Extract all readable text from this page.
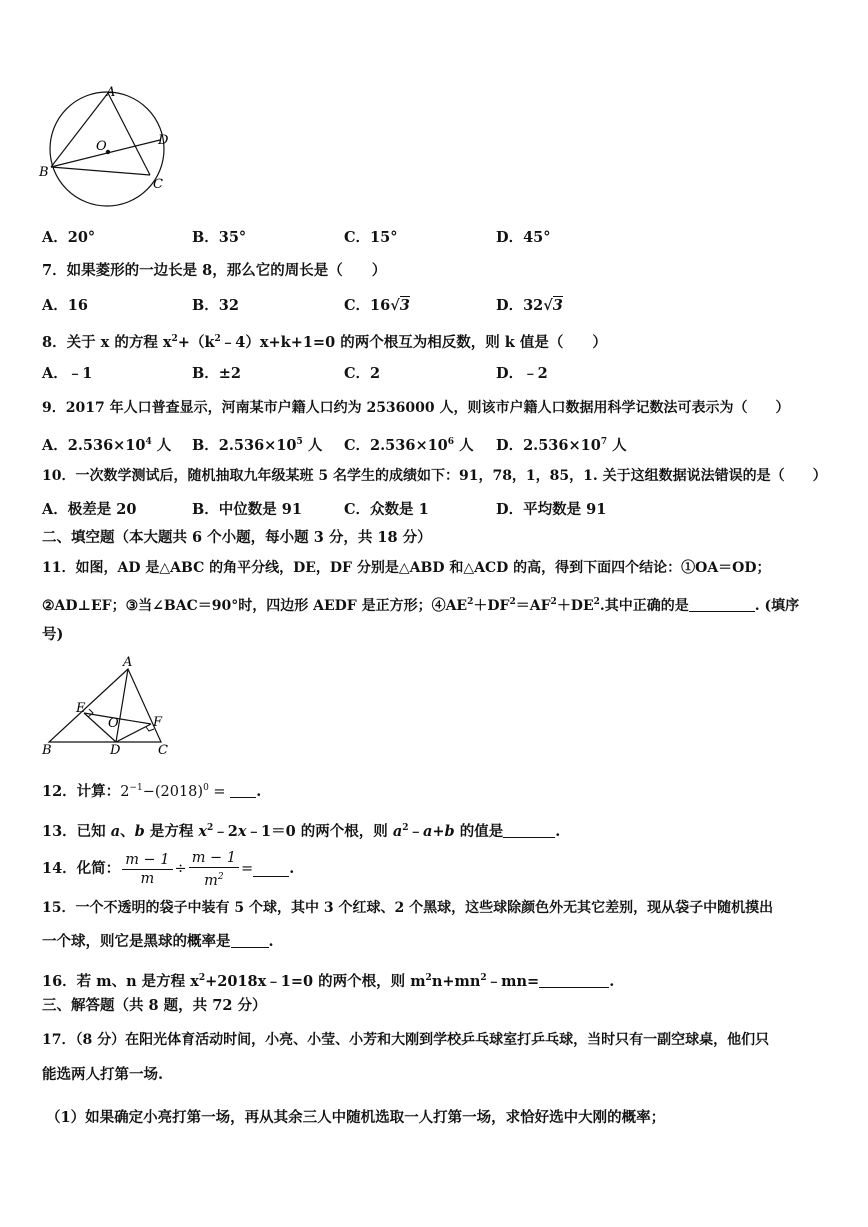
A
B
C
D
O
A．20°	B．35°	C．15°	D．45°
7．如果菱形的一边长是 8，那么它的周长是（　　）
A．16	B．32	C．16√3	D．32√3
8．关于 x 的方程 $x^2+(k^2﹣4)x+k+1=0$ 的两个根互为相反数，则 k 值是（　　）
A．﹣1	B．±2	C．2	D．﹣2
9．2017 年人口普查显示，河南某市户籍人口约为 2536000 人，则该市户籍人口数据用科学记数法可表示为（　　）
A．$2.536\times 10^4$ 人 B．$2.536\times 10^5$ 人 C．$2.536\times 10^6$ 人 D．$2.536\times 10^7$ 人
10．一次数学测试后，随机抽取九年级某班 5 名学生的成绩如下：91，78，1，85，1. 关于这组数据说法错误的是（　　）
A．极差是 20	B．中位数是 91	C．众数是 1	D．平均数是 91
二、填空题（本大题共 6 个小题，每小题 3 分，共 18 分）
11．如图，AD 是△ABC 的角平分线，DE，DF 分别是△ABD 和△ACD 的高，得到下面四个结论：①OA＝OD；
②AD⊥EF；③当∠BAC＝90°时，四边形 AEDF 是正方形；$④AE^2+DF^2=AF^2+DE^2$.其中正确的是	. (填序
号)
A
B	C
D
E
F
O
12．计算：$2^{-1}-(2018)^0$ = .
13．已知 a、b 是方程 $x^2﹣2x﹣1=0$ 的两个根，则 $a^2﹣a+b$ 的值是	.
14．化简： $\frac{m - 1}{m} \div \frac{m - 1}{m^2}$ = .
15．一个不透明的袋子中装有 5 个球，其中 3 个红球、2 个黑球，这些球除颜色外无其它差别，现从袋子中随机摸出
一个球，则它是黑球的概率是	.
16．若 m、n 是方程 $x^2+2018x﹣1=0$ 的两个根，则 $m^2n+mn^2﹣mn=$	.
三、解答题（共 8 题，共 72 分）
17．（8 分）在阳光体育活动时间，小亮、小莹、小芳和大刚到学校乒乓球室打乒乓球，当时只有一副空球桌，他们只
能选两人打第一场.
（1）如果确定小亮打第一场，再从其余三人中随机选取一人打第一场，求恰好选中大刚的概率；
